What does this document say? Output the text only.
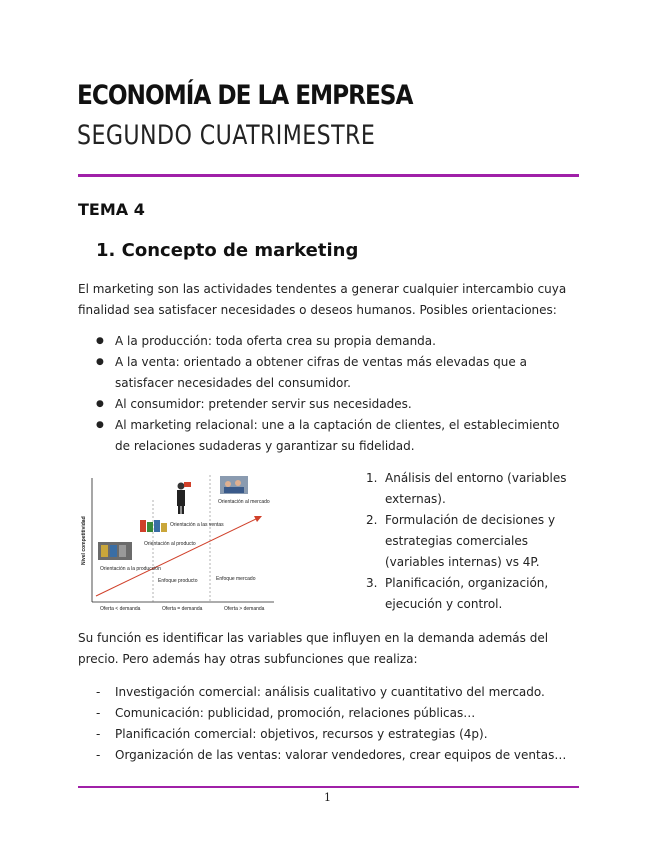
ECONOMÍA DE LA EMPRESA
SEGUNDO CUATRIMESTRE
TEMA 4
1. Concepto de marketing

El marketing son las actividades tendentes a generar cualquier intercambio cuya finalidad sea satisfacer necesidades o deseos humanos. Posibles orientaciones:

● A la producción: toda oferta crea su propia demanda.
● A la venta: orientado a obtener cifras de ventas más elevadas que a satisfacer necesidades del consumidor.
● Al consumidor: pretender servir sus necesidades.
● Al marketing relacional: une a la captación de clientes, el establecimiento de relaciones sudaderas y garantizar su fidelidad.
Nivel competitividad
Orientación a la producción
Orientación al producto
Orientación a las ventas
Orientación al mercado
Enfoque producto	Enfoque mercado
Oferta < demanda	Oferta = demanda	Oferta > demanda
1. Análisis del entorno (variables externas).
2. Formulación de decisiones y estrategias comerciales (variables internas) vs 4P.
3. Planificación, organización, ejecución y control.

Su función es identificar las variables que influyen en la demanda además del precio. Pero además hay otras subfunciones que realiza:

- Investigación comercial: análisis cualitativo y cuantitativo del mercado.
- Comunicación: publicidad, promoción, relaciones públicas…
- Planificación comercial: objetivos, recursos y estrategias (4p).
- Organización de las ventas: valorar vendedores, crear equipos de ventas…
1
